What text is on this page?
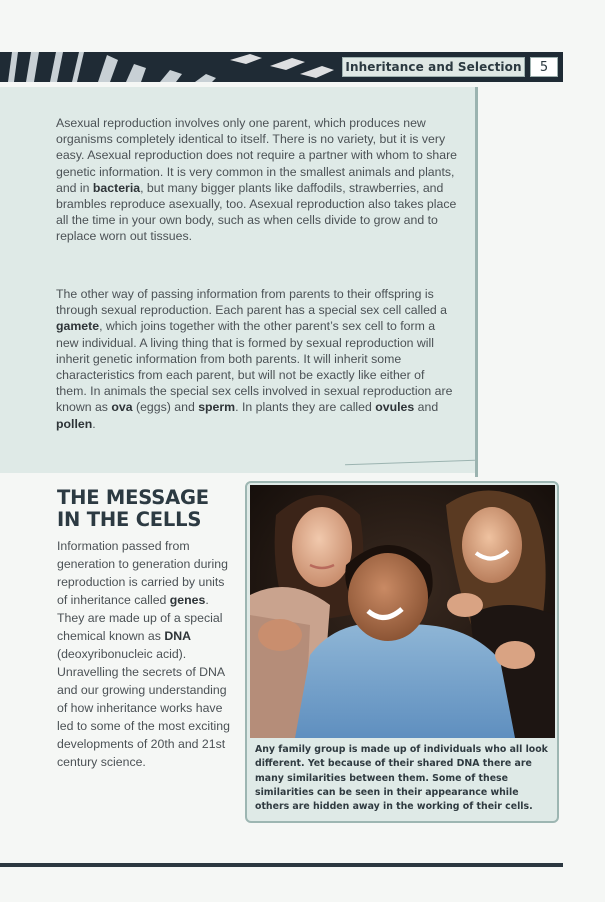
Inheritance and Selection	5

Asexual reproduction involves only one parent, which produces new organisms completely identical to itself. There is no variety, but it is very easy. Asexual reproduction does not require a partner with whom to share genetic information. It is very common in the smallest animals and plants, and in bacteria, but many bigger plants like daffodils, strawberries, and brambles reproduce asexually, too. Asexual reproduction also takes place all the time in your own body, such as when cells divide to grow and to replace worn out tissues.

The other way of passing information from parents to their offspring is through sexual reproduction. Each parent has a special sex cell called a gamete, which joins together with the other parent’s sex cell to form a new individual. A living thing that is formed by sexual reproduction will inherit genetic information from both parents. It will inherit some characteristics from each parent, but will not be exactly like either of them. In animals the special sex cells involved in sexual reproduction are known as ova (eggs) and sperm. In plants they are called ovules and pollen.

THE MESSAGE IN THE CELLS

Information passed from generation to generation during reproduction is carried by units of inheritance called genes. They are made up of a special chemical known as DNA (deoxyribonucleic acid). Unravelling the secrets of DNA and our growing understanding of how inheritance works have led to some of the most exciting developments of 20th and 21st century science.

Any family group is made up of individuals who all look different. Yet because of their shared DNA there are many similarities between them. Some of these similarities can be seen in their appearance while others are hidden away in the working of their cells.
